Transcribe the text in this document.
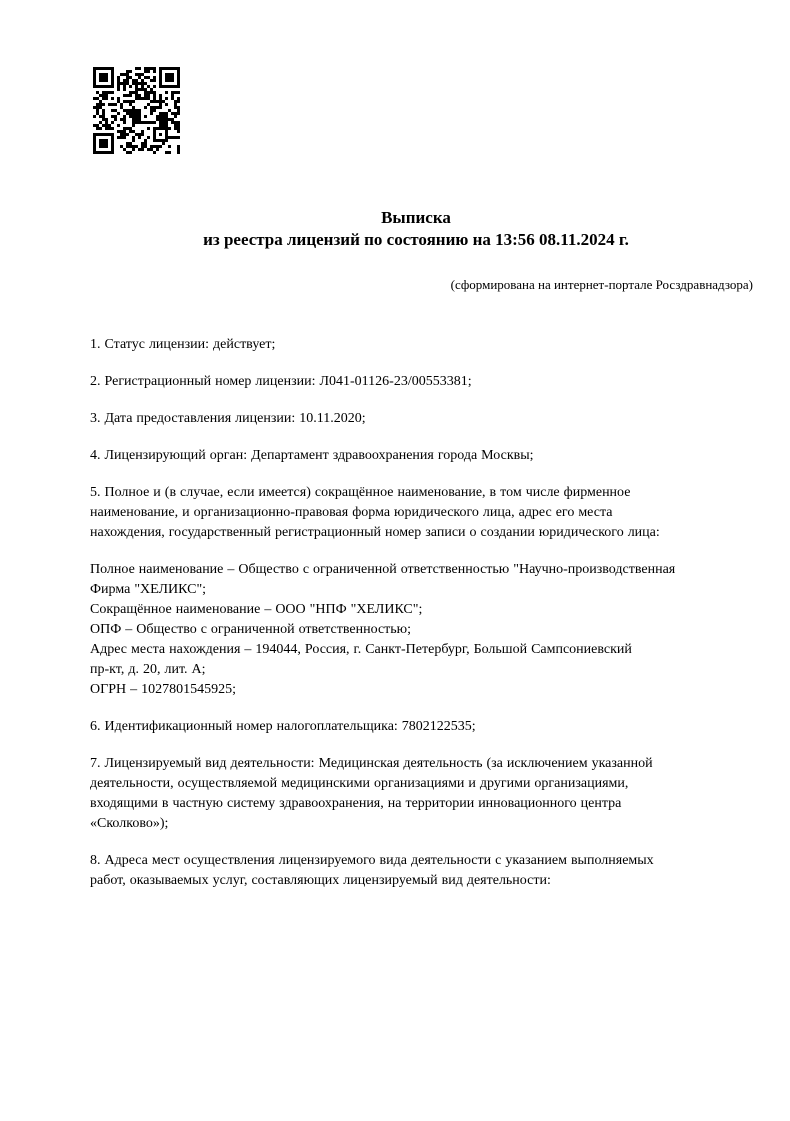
Выписка
из реестра лицензий по состоянию на 13:56 08.11.2024 г.
(сформирована на интернет-портале Росздравнадзора)

1. Статус лицензии: действует;

2. Регистрационный номер лицензии: Л041-01126-23/00553381;

3. Дата предоставления лицензии: 10.11.2020;

4. Лицензирующий орган: Департамент здравоохранения города Москвы;

5. Полное и (в случае, если имеется) сокращённое наименование, в том числе фирменное
наименование, и организационно-правовая форма юридического лица, адрес его места
нахождения, государственный регистрационный номер записи о создании юридического лица:

Полное наименование – Общество с ограниченной ответственностью "Научно-производственная
Фирма "ХЕЛИКС";
Сокращённое наименование – ООО "НПФ "ХЕЛИКС";
ОПФ – Общество с ограниченной ответственностью;
Адрес места нахождения – 194044, Россия, г. Санкт-Петербург, Большой Сампсониевский
пр-кт, д. 20, лит. А;
ОГРН – 1027801545925;

6. Идентификационный номер налогоплательщика: 7802122535;

7. Лицензируемый вид деятельности: Медицинская деятельность (за исключением указанной
деятельности, осуществляемой медицинскими организациями и другими организациями,
входящими в частную систему здравоохранения, на территории инновационного центра
«Сколково»);

8. Адреса мест осуществления лицензируемого вида деятельности с указанием выполняемых
работ, оказываемых услуг, составляющих лицензируемый вид деятельности:
